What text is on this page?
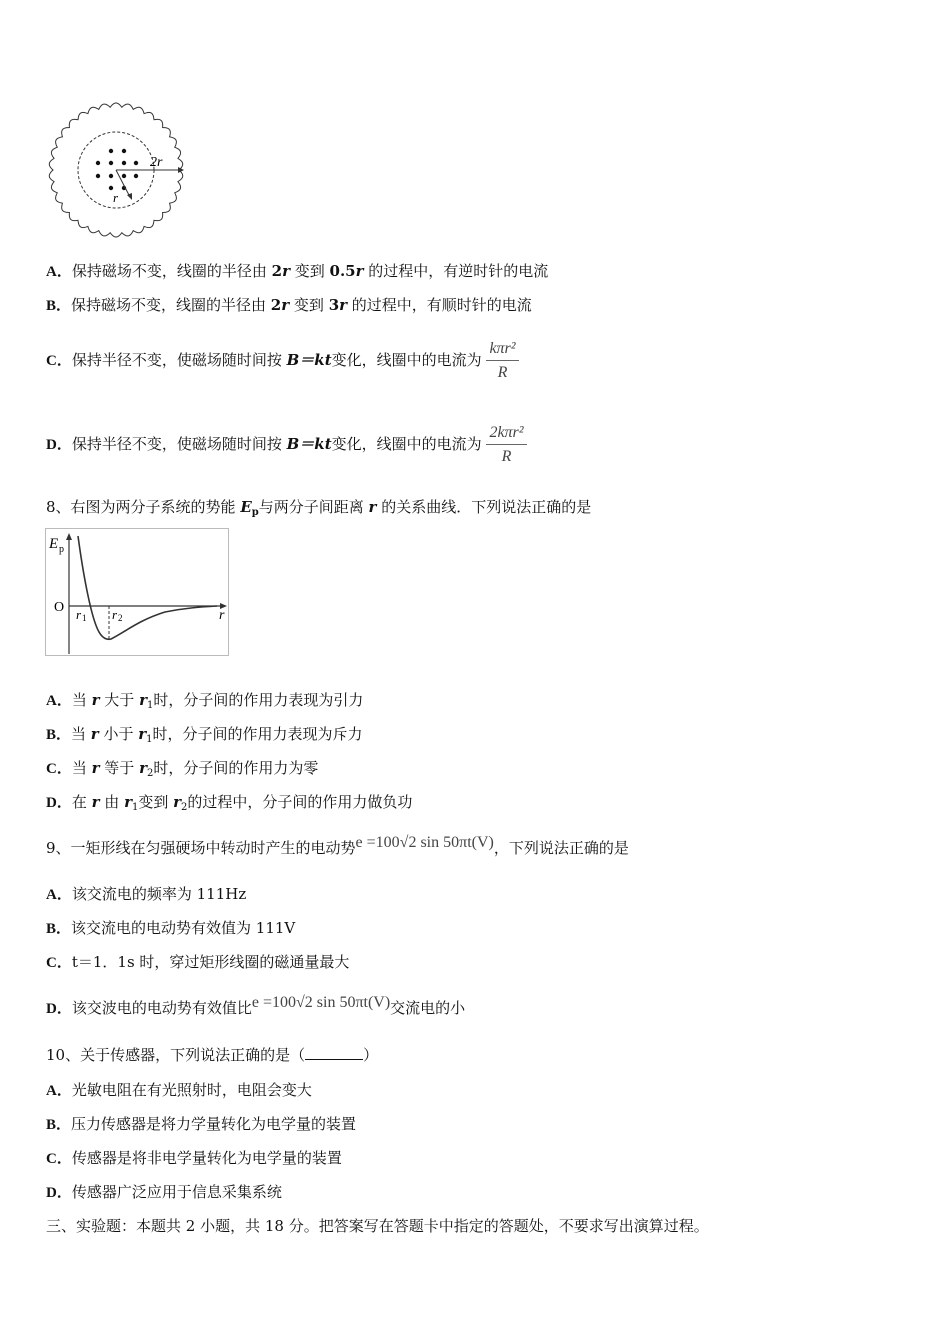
2r
r
A．保持磁场不变，线圈的半径由 2r 变到 0.5r 的过程中，有逆时针的电流
B．保持磁场不变，线圈的半径由 2r 变到 3r 的过程中，有顺时针的电流
C．保持半径不变，使磁场随时间按 B＝kt变化，线圈中的电流为 $\frac{\text{kπr²}}{R}$
D．保持半径不变，使磁场随时间按 B＝kt变化，线圈中的电流为 $\frac{\text{2kπr²}}{R}$
8、右图为两分子系统的势能 $E_p$与两分子间距离 r 的关系曲线．下列说法正确的是
E p
O r 1 r 2	r
A．当 r 大于 $r_1$时，分子间的作用力表现为引力
B．当 r 小于 $r_1$时，分子间的作用力表现为斥力
C．当 r 等于 $r_2$时，分子间的作用力为零
D．在 r 由 $r_1$变到 $r_2$的过程中，分子间的作用力做负功
9、一矩形线在匀强硬场中转动时产生的电动势e =100√2 sin 50πt(V)，下列说法正确的是
A．该交流电的频率为 111Hz
B．该交流电的电动势有效值为 111V
C．t＝1．1s 时，穿过矩形线圈的磁通量最大
D．该交波电的电动势有效值比e =100√2 sin 50πt(V)交流电的小
10、关于传感器，下列说法正确的是（	）
A．光敏电阻在有光照射时，电阻会变大
B．压力传感器是将力学量转化为电学量的装置
C．传感器是将非电学量转化为电学量的装置
D．传感器广泛应用于信息采集系统
三、实验题：本题共 2 小题，共 18 分。把答案写在答题卡中指定的答题处，不要求写出演算过程。
